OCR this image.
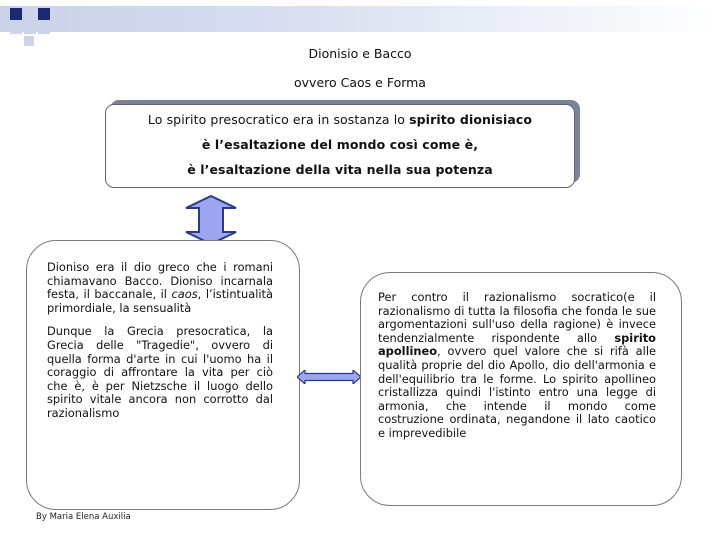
Dionisio e Bacco
ovvero Caos e Forma
Lo spirito presocratico era in sostanza lo spirito dionisiaco
è l’esaltazione del mondo così come è,
è l’esaltazione della vita nella sua potenza

Dioniso era il dio greco che i romani chiamavano Bacco. Dioniso incarnala festa, il baccanale, il caos, l’istintualità primordiale, la sensualità

Dunque la Grecia presocratica, la Grecia delle "Tragedie", ovvero di quella forma d'arte in cui l'uomo ha il coraggio di affrontare la vita per ciò che è, è per Nietzsche il luogo dello spirito vitale ancora non corrotto dal razionalismo

Per contro il razionalismo socratico(e il razionalismo di tutta la filosofia che fonda le sue argomentazioni sull'uso della ragione) è invece tendenzialmente rispondente allo spirito apollineo, ovvero quel valore che si rifà alle qualità proprie del dio Apollo, dio dell'armonia e dell'equilibrio tra le forme. Lo spirito apollineo cristallizza quindi l'istinto entro una legge di armonia, che intende il mondo come costruzione ordinata, negandone il lato caotico e imprevedibile

By Maria Elena Auxilia
